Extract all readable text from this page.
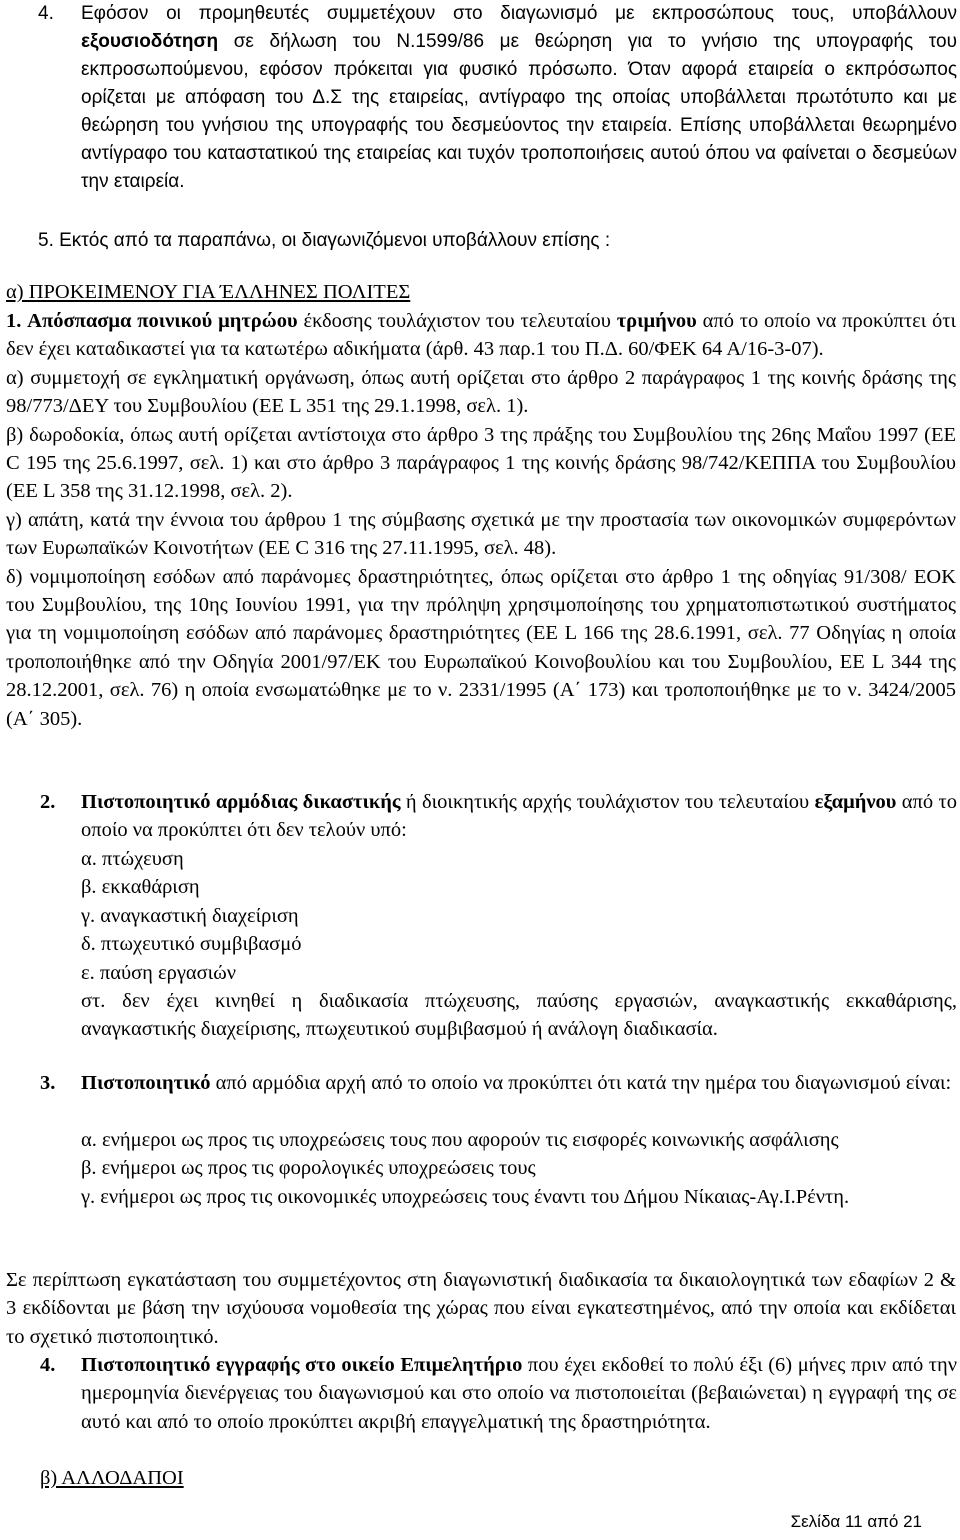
4. Εφόσον οι προμηθευτές συμμετέχουν στο διαγωνισμό με εκπροσώπους τους, υποβάλλουν εξουσιοδότηση σε δήλωση του Ν.1599/86 με θεώρηση για το γνήσιο της υπογραφής του εκπροσωπούμενου, εφόσον πρόκειται για φυσικό πρόσωπο. Όταν αφορά εταιρεία ο εκπρόσωπος ορίζεται με απόφαση του Δ.Σ της εταιρείας, αντίγραφο της οποίας υποβάλλεται πρωτότυπο και με θεώρηση του γνήσιου της υπογραφής του δεσμεύοντος την εταιρεία. Επίσης υποβάλλεται θεωρημένο αντίγραφο του καταστατικού της εταιρείας και τυχόν τροποποιήσεις αυτού όπου να φαίνεται ο δεσμεύων την εταιρεία.
5. Εκτός από τα παραπάνω, οι διαγωνιζόμενοι υποβάλλουν επίσης :
α) ΠΡΟΚΕΙΜΕΝΟΥ ΓΙΑ ΈΛΛΗΝΕΣ ΠΟΛΙΤΕΣ

1. Απόσπασμα ποινικού μητρώου έκδοσης τουλάχιστον του τελευταίου τριμήνου από το οποίο να προκύπτει ότι δεν έχει καταδικαστεί για τα κατωτέρω αδικήματα (άρθ. 43 παρ.1 του Π.Δ. 60/ΦΕΚ 64 Α/16-3-07).

α) συμμετοχή σε εγκληματική οργάνωση, όπως αυτή ορίζεται στο άρθρο 2 παράγραφος 1 της κοινής δράσης της 98/773/ΔΕΥ του Συμβουλίου (ΕΕ L 351 της 29.1.1998, σελ. 1).

β) δωροδοκία, όπως αυτή ορίζεται αντίστοιχα στο άρθρο 3 της πράξης του Συμβουλίου της 26ης Μαΐου 1997 (ΕΕ C 195 της 25.6.1997, σελ. 1) και στο άρθρο 3 παράγραφος 1 της κοινής δράσης 98/742/ΚΕΠΠΑ του Συμβουλίου (ΕΕ L 358 της 31.12.1998, σελ. 2).

γ) απάτη, κατά την έννοια του άρθρου 1 της σύμβασης σχετικά με την προστασία των οικονομικών συμφερόντων των Ευρωπαϊκών Κοινοτήτων (ΕΕ C 316 της 27.11.1995, σελ. 48).

δ) νομιμοποίηση εσόδων από παράνομες δραστηριότητες, όπως ορίζεται στο άρθρο 1 της οδηγίας 91/308/ ΕΟΚ του Συμβουλίου, της 10ης Ιουνίου 1991, για την πρόληψη χρησιμοποίησης του χρηματοπιστωτικού συστήματος για τη νομιμοποίηση εσόδων από παράνομες δραστηριότητες (ΕΕ L 166 της 28.6.1991, σελ. 77 Οδηγίας η οποία τροποποιήθηκε από την Οδηγία 2001/97/ΕΚ του Ευρωπαϊκού Κοινοβουλίου και του Συμβουλίου, ΕΕ L 344 της 28.12.2001, σελ. 76) η οποία ενσωματώθηκε με το ν. 2331/1995 (Α΄ 173) και τροποποιήθηκε με το ν. 3424/2005 (Α΄ 305).

2. Πιστοποιητικό αρμόδιας δικαστικής ή διοικητικής αρχής τουλάχιστον του τελευταίου εξαμήνου από το οποίο να προκύπτει ότι δεν τελούν υπό:

α. πτώχευση

β. εκκαθάριση

γ. αναγκαστική διαχείριση

δ. πτωχευτικό συμβιβασμό

ε. παύση εργασιών

στ. δεν έχει κινηθεί η διαδικασία πτώχευσης, παύσης εργασιών, αναγκαστικής εκκαθάρισης, αναγκαστικής διαχείρισης, πτωχευτικού συμβιβασμού ή ανάλογη διαδικασία.

3. Πιστοποιητικό από αρμόδια αρχή από το οποίο να προκύπτει ότι κατά την ημέρα του διαγωνισμού είναι:

α. ενήμεροι ως προς τις υποχρεώσεις τους που αφορούν τις εισφορές κοινωνικής ασφάλισης

β. ενήμεροι ως προς τις φορολογικές υποχρεώσεις τους

γ. ενήμεροι ως προς τις οικονομικές υποχρεώσεις τους έναντι του Δήμου Νίκαιας-Αγ.Ι.Ρέντη.

Σε περίπτωση εγκατάσταση του συμμετέχοντος στη διαγωνιστική διαδικασία τα δικαιολογητικά των εδαφίων 2 & 3 εκδίδονται με βάση την ισχύουσα νομοθεσία της χώρας που είναι εγκατεστημένος, από την οποία και εκδίδεται το σχετικό πιστοποιητικό.
4. Πιστοποιητικό εγγραφής στο οικείο Επιμελητήριο που έχει εκδοθεί το πολύ έξι (6) μήνες πριν από την ημερομηνία διενέργειας του διαγωνισμού και στο οποίο να πιστοποιείται (βεβαιώνεται) η εγγραφή της σε αυτό και από το οποίο προκύπτει ακριβή επαγγελματική της δραστηριότητα.
β) ΑΛΛΟΔΑΠΟΙ
Σελίδα 11 από 21
